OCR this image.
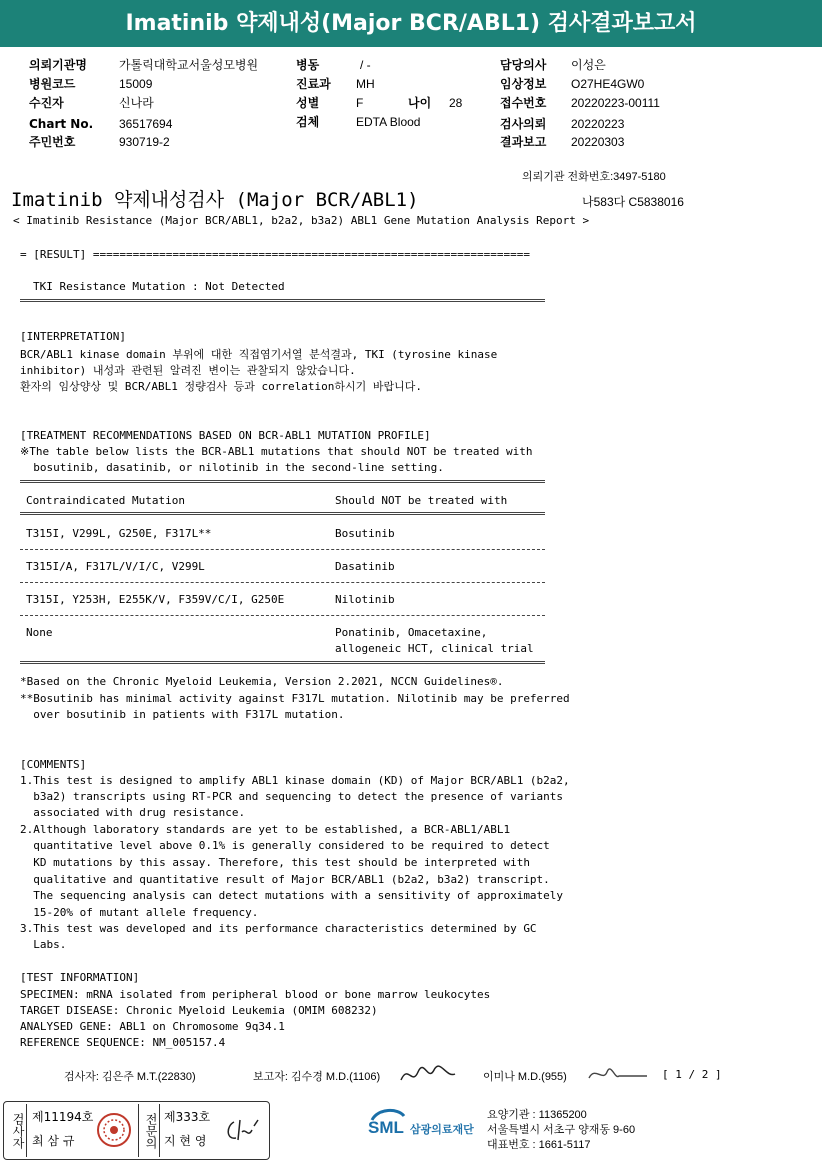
Imatinib 약제내성(Major BCR/ABL1) 검사결과보고서
의뢰기관명	가톨릭대학교서울성모병원
병원코드	15009
수진자	신나라
Chart No. 36517694
주민번호	930719-2
병동	/ -
진료과 MH
성별	F	나이 28
검체	EDTA Blood
담당의사 이성은
임상정보 O27HE4GW0
접수번호 20220223-00111
검사의뢰 20220223
결과보고 20220303
의뢰기관 전화번호:3497-5180
Imatinib 약제내성검사 (Major BCR/ABL1)	나583다 C5838016
< Imatinib Resistance (Major BCR/ABL1, b2a2, b3a2) ABL1 Gene Mutation Analysis Report >
= [RESULT] ==================================================================
TKI Resistance Mutation : Not Detected
[INTERPRETATION]
BCR/ABL1 kinase domain 부위에 대한 직접염기서열 분석결과, TKI (tyrosine kinase
inhibitor) 내성과 관련된 알려진 변이는 관찰되지 않았습니다.
환자의 임상양상 및 BCR/ABL1 정량검사 등과 correlation하시기 바랍니다.
[TREATMENT RECOMMENDATIONS BASED ON BCR-ABL1 MUTATION PROFILE]
※The table below lists the BCR-ABL1 mutations that should NOT be treated with
bosutinib, dasatinib, or nilotinib in the second-line setting.
Contraindicated Mutation	Should NOT be treated with
T315I, V299L, G250E, F317L**	Bosutinib
T315I/A, F317L/V/I/C, V299L	Dasatinib
T315I, Y253H, E255K/V, F359V/C/I, G250E	Nilotinib
None	Ponatinib, Omacetaxine,
allogeneic HCT, clinical trial
*Based on the Chronic Myeloid Leukemia, Version 2.2021, NCCN Guidelines®.
**Bosutinib has minimal activity against F317L mutation. Nilotinib may be preferred
over bosutinib in patients with F317L mutation.
[COMMENTS]
1.This test is designed to amplify ABL1 kinase domain (KD) of Major BCR/ABL1 (b2a2,
b3a2) transcripts using RT-PCR and sequencing to detect the presence of variants
associated with drug resistance.
2.Although laboratory standards are yet to be established, a BCR-ABL1/ABL1
quantitative level above 0.1% is generally considered to be required to detect
KD mutations by this assay. Therefore, this test should be interpreted with
qualitative and quantitative result of Major BCR/ABL1 (b2a2, b3a2) transcript.
The sequencing analysis can detect mutations with a sensitivity of approximately
15-20% of mutant allele frequency.
3.This test was developed and its performance characteristics determined by GC
Labs.
[TEST INFORMATION]
SPECIMEN: mRNA isolated from peripheral blood or bone marrow leukocytes
TARGET DISEASE: Chronic Myeloid Leukemia (OMIM 608232)
ANALYSED GENE: ABL1 on Chromosome 9q34.1
REFERENCE SEQUENCE: NM_005157.4
검사자: 김은주 M.T.(22830)	보고자: 김수경 M.D.(1106)	이미나 M.D.(955)	[ 1 / 2 ]
검사자 제11194호
최 삼 규	전문의 제333호
지 현 영
SML 삼광의료재단
요양기관 : 11365200
서울특별시 서초구 양재동 9-60
대표번호 : 1661-5117
